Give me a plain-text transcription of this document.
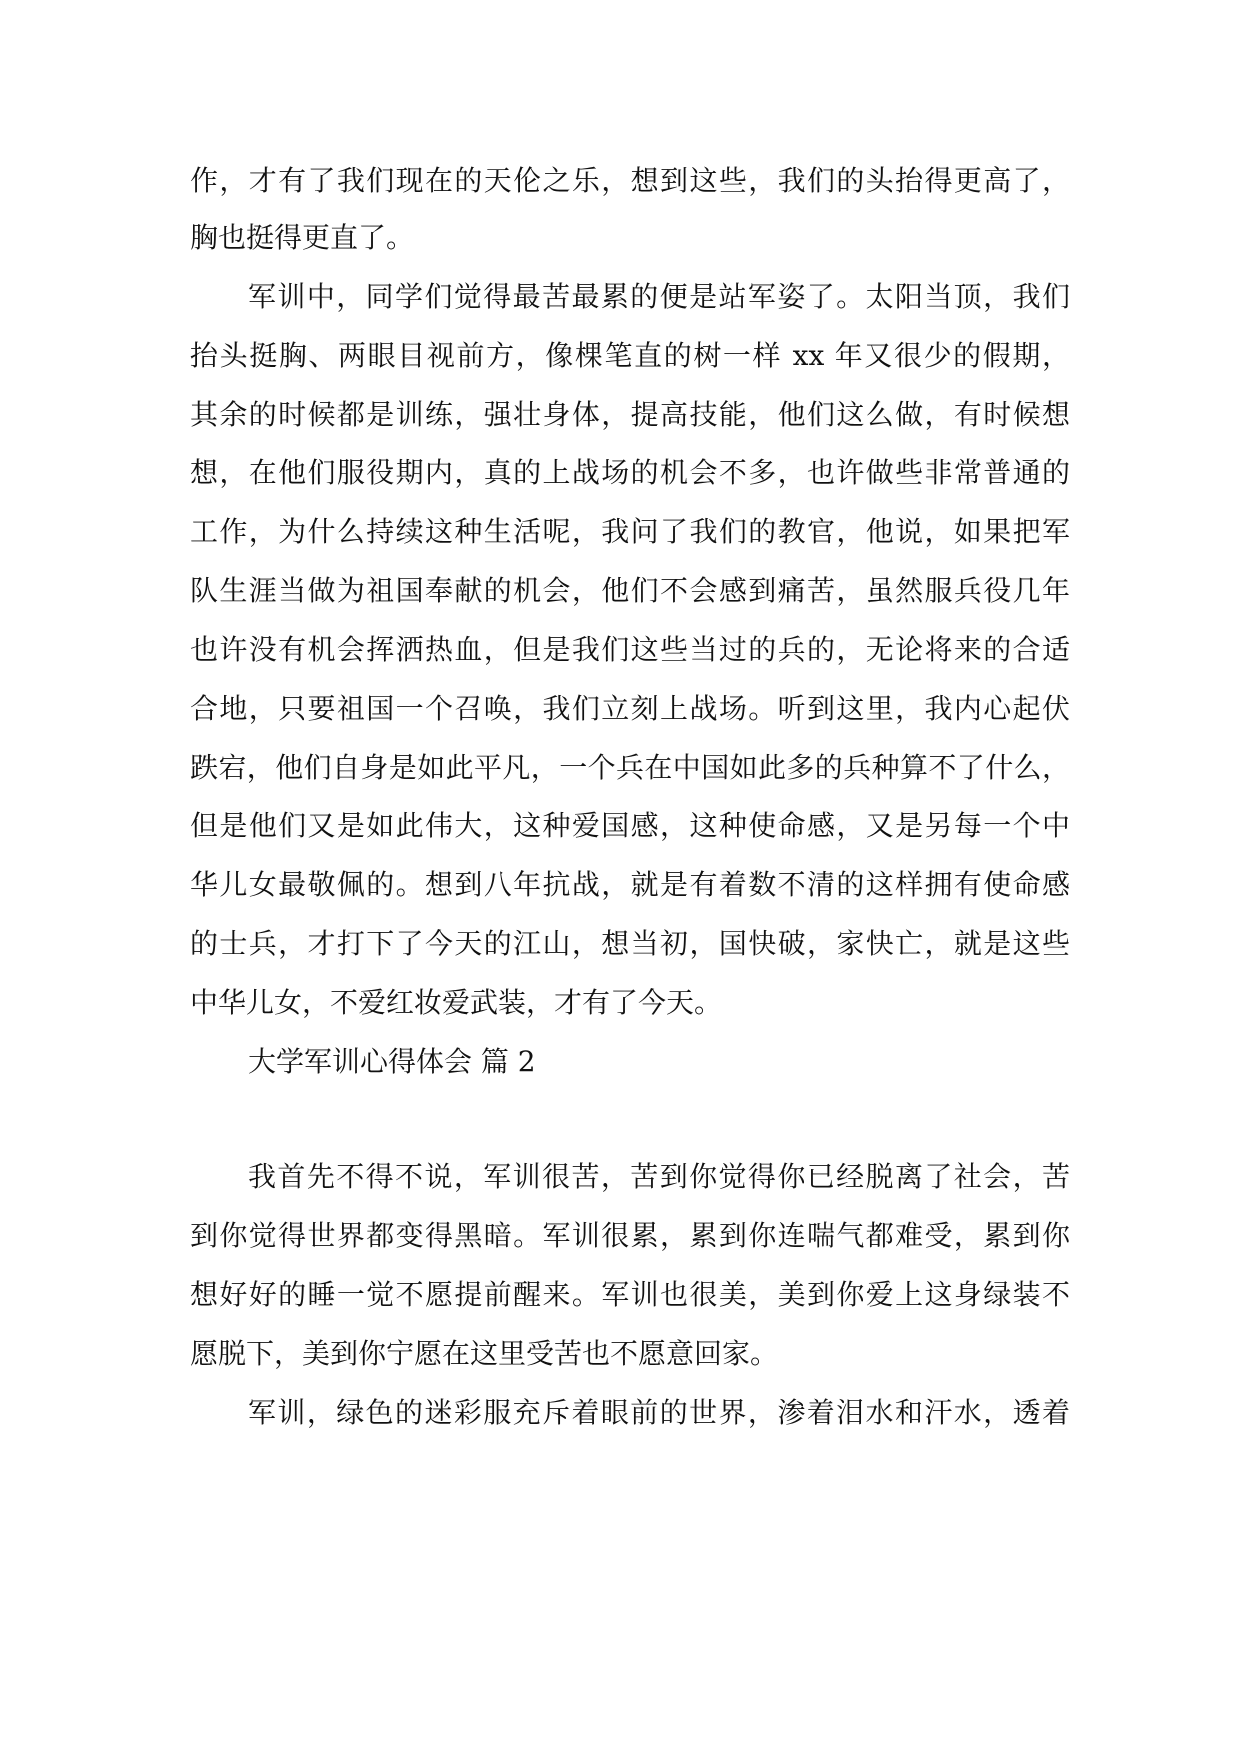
作，才有了我们现在的天伦之乐，想到这些，我们的头抬得更高了，
胸也挺得更直了。
军训中，同学们觉得最苦最累的便是站军姿了。太阳当顶，我们
抬头挺胸、两眼目视前方，像棵笔直的树一样 xx 年又很少的假期，
其余的时候都是训练，强壮身体，提高技能，他们这么做，有时候想
想，在他们服役期内，真的上战场的机会不多，也许做些非常普通的
工作，为什么持续这种生活呢，我问了我们的教官，他说，如果把军
队生涯当做为祖国奉献的机会，他们不会感到痛苦，虽然服兵役几年
也许没有机会挥洒热血，但是我们这些当过的兵的，无论将来的合适
合地，只要祖国一个召唤，我们立刻上战场。听到这里，我内心起伏
跌宕，他们自身是如此平凡，一个兵在中国如此多的兵种算不了什么，
但是他们又是如此伟大，这种爱国感，这种使命感，又是另每一个中
华儿女最敬佩的。想到八年抗战，就是有着数不清的这样拥有使命感
的士兵，才打下了今天的江山，想当初，国快破，家快亡，就是这些
中华儿女，不爱红妆爱武装，才有了今天。
大学军训心得体会 篇 2
我首先不得不说，军训很苦，苦到你觉得你已经脱离了社会，苦
到你觉得世界都变得黑暗。军训很累，累到你连喘气都难受，累到你
想好好的睡一觉不愿提前醒来。军训也很美，美到你爱上这身绿装不
愿脱下，美到你宁愿在这里受苦也不愿意回家。
军训，绿色的迷彩服充斥着眼前的世界，渗着泪水和汗水，透着
